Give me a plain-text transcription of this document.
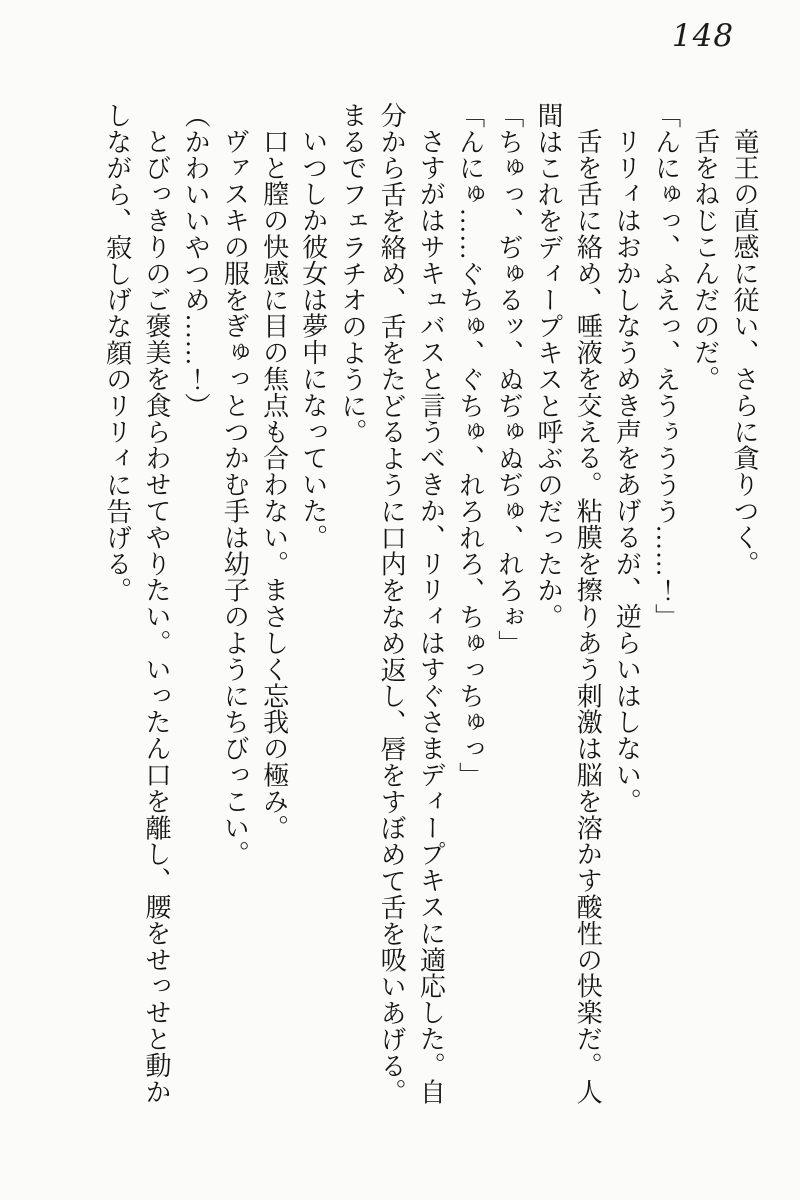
148

竜王の直感に従い、さらに貪りつく。

舌をねじこんだのだ。

「んにゅっ、ふえっ、えうぅううう……！」

リリィはおかしなうめき声をあげるが、逆らいはしない。

舌を舌に絡め、唾液を交える。粘膜を擦りあう刺激は脳を溶かす酸性の快楽だ。人

間はこれをディープキスと呼ぶのだったか。

「ちゅっ、ぢゅるッ、ぬぢゅぬぢゅ、れろぉ」

「んにゅ……ぐちゅ、ぐちゅ、れろれろ、ちゅっちゅっ」

さすがはサキュバスと言うべきか、リリィはすぐさまディープキスに適応した。自

分から舌を絡め、舌をたどるように口内をなめ返し、唇をすぼめて舌を吸いあげる。

まるでフェラチオのように。

いつしか彼女は夢中になっていた。

口と膣の快感に目の焦点も合わない。まさしく忘我の極み。

ヴァスキの服をぎゅっとつかむ手は幼子のようにちびっこい。

（かわいいやつめ……！）

とびっきりのご褒美を食らわせてやりたい。いったん口を離し、腰をせっせと動か

しながら、寂しげな顔のリリィに告げる。
